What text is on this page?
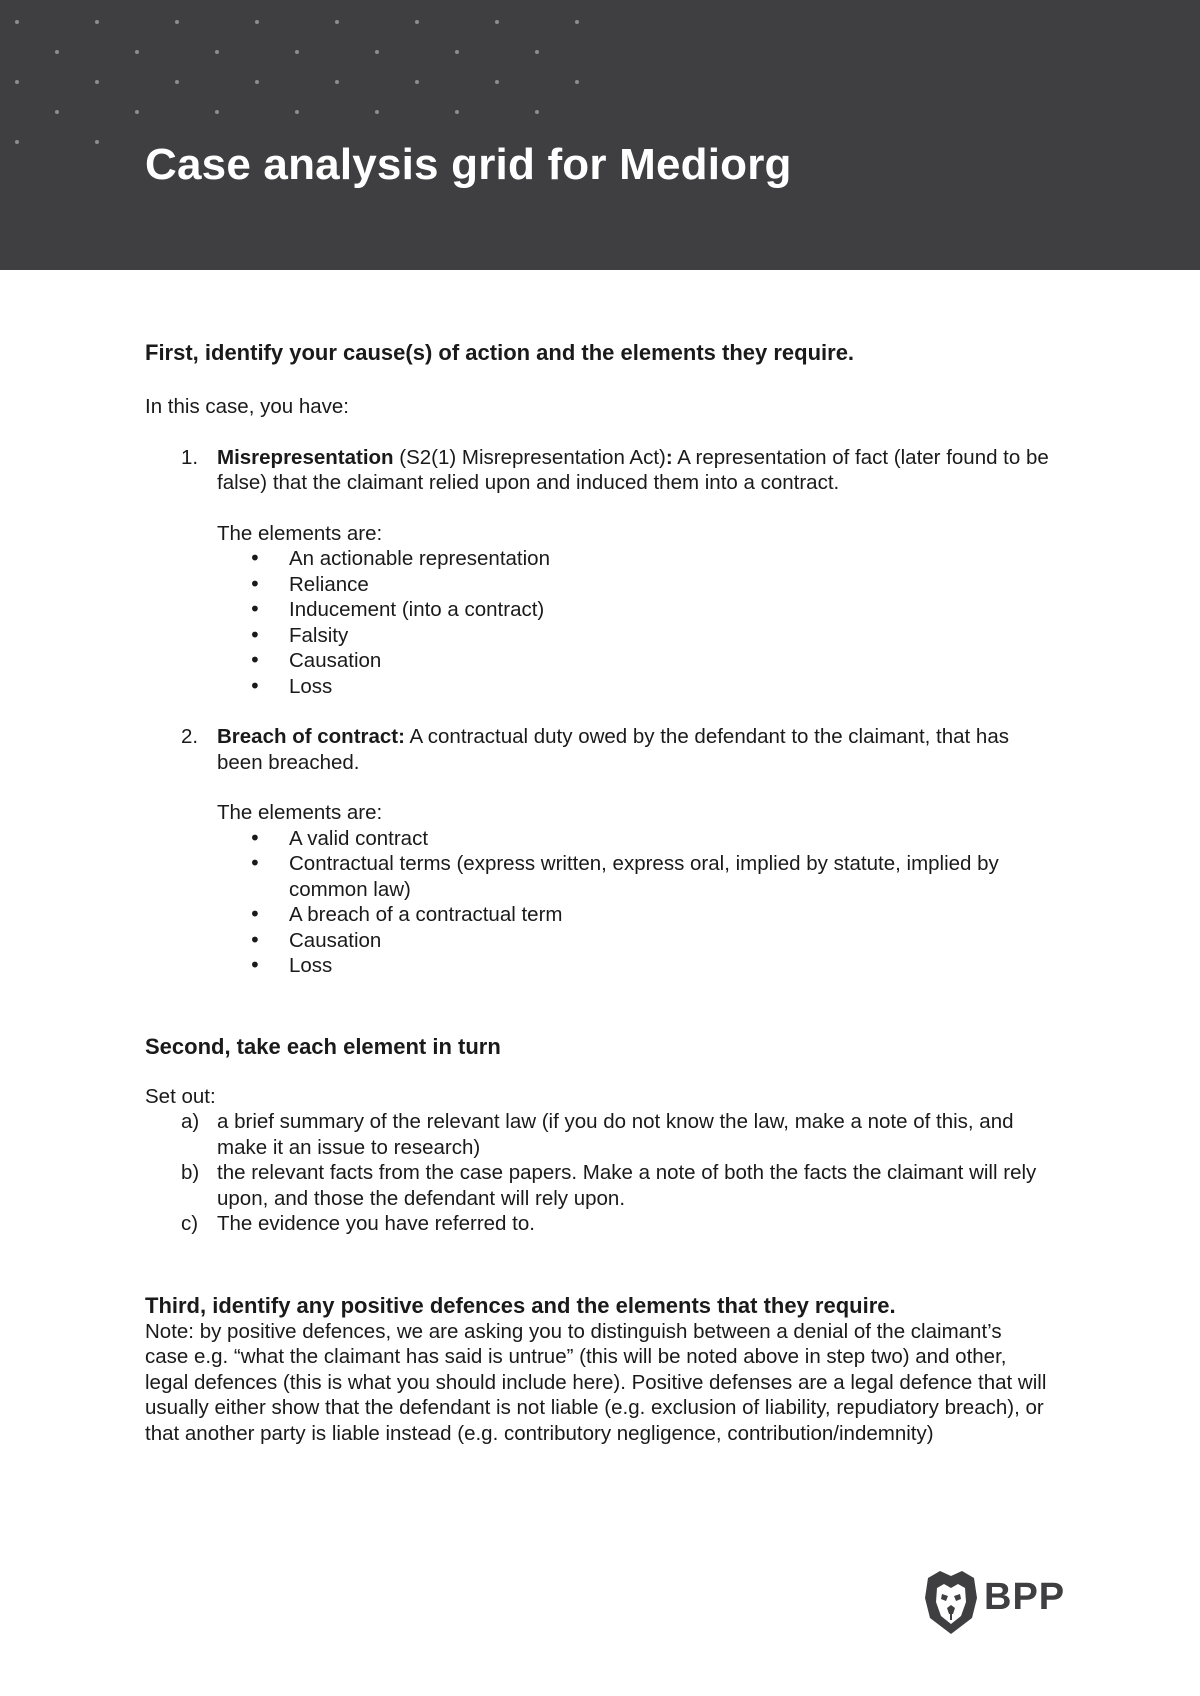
Case analysis grid for Mediorg
First, identify your cause(s) of action and the elements they require.

In this case, you have:

1. Misrepresentation (S2(1) Misrepresentation Act): A representation of fact (later found to be false) that the claimant relied upon and induced them into a contract.

The elements are:

• An actionable representation
• Reliance
• Inducement (into a contract)
• Falsity
• Causation
• Loss
2. Breach of contract: A contractual duty owed by the defendant to the claimant, that has been breached.

The elements are:

• A valid contract
• Contractual terms (express written, express oral, implied by statute, implied by common law)
• A breach of a contractual term
• Causation
• Loss
Second, take each element in turn

Set out:

a) a brief summary of the relevant law (if you do not know the law, make a note of this, and make it an issue to research)
b) the relevant facts from the case papers. Make a note of both the facts the claimant will rely upon, and those the defendant will rely upon.
c) The evidence you have referred to.
Third, identify any positive defences and the elements that they require.

Note: by positive defences, we are asking you to distinguish between a denial of the claimant’s case e.g. “what the claimant has said is untrue” (this will be noted above in step two) and other, legal defences (this is what you should include here). Positive defenses are a legal defence that will usually either show that the defendant is not liable (e.g. exclusion of liability, repudiatory breach), or that another party is liable instead (e.g. contributory negligence, contribution/indemnity)

BPP
